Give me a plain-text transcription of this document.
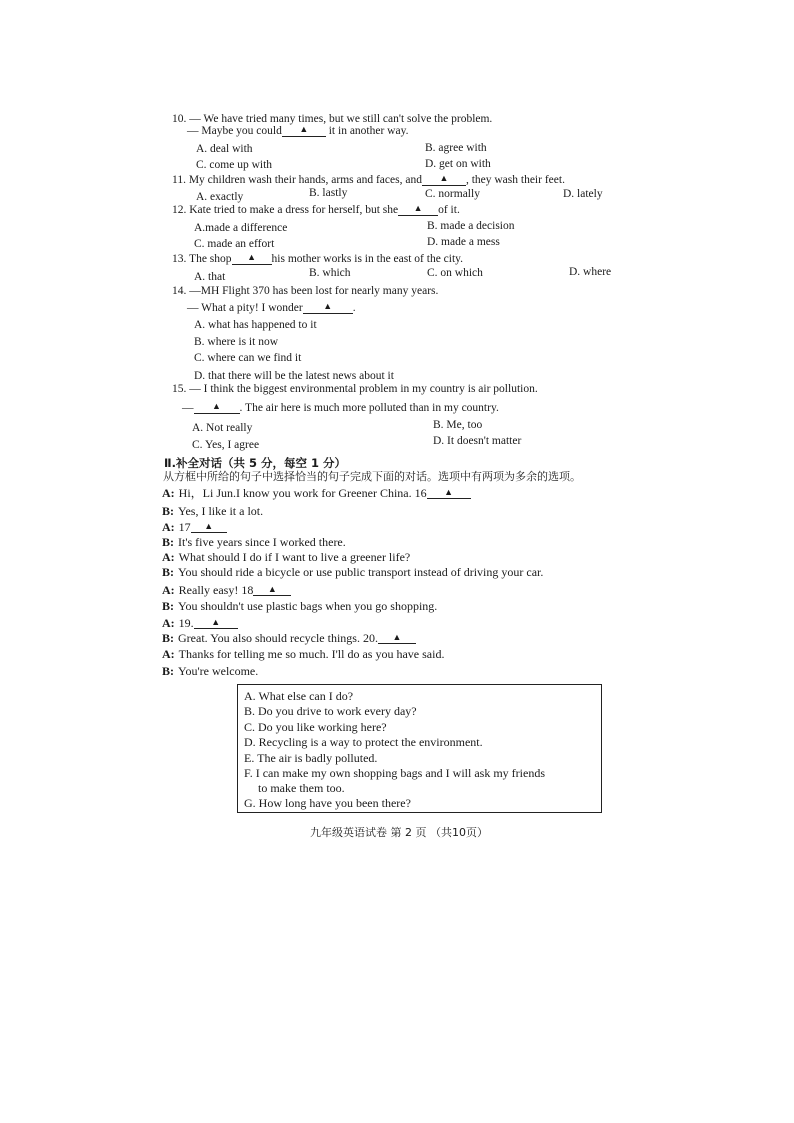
10. — We have tried many times, but we still can't solve the problem.
— Maybe you could ▲ it in another way.
A. deal with	B. agree with
C. come up with	D. get on with
11. My children wash their hands, arms and faces, and ▲ , they wash their feet.
A. exactly	B. lastly	C. normally	D. lately
12. Kate tried to make a dress for herself, but she ▲ of it.
A.made a difference	B. made a decision
C. made an effort	D. made a mess
13. The shop ▲ his mother works is in the east of the city.
A. that	B. which	C. on which	D. where
14. —MH Flight 370 has been lost for nearly many years.
— What a pity! I wonder ▲ .
A. what has happened to it
B. where is it now
C. where can we find it
D. that there will be the latest news about it
15. — I think the biggest environmental problem in my country is air pollution.
— ▲ . The air here is much more polluted than in my country.
A. Not really	B. Me, too
C. Yes, I agree	D. It doesn't matter
Ⅱ.补全对话（共 5 分，每空 1 分）
从方框中所给的句子中选择恰当的句子完成下面的对话。选项中有两项为多余的选项。
A: Hi，Li Jun.I know you work for Greener China. 16 ▲
B: Yes, I like it a lot.
A: 17 ▲
B: It's five years since I worked there.
A: What should I do if I want to live a greener life?
B: You should ride a bicycle or use public transport instead of driving your car.
A: Really easy! 18 ▲
B: You shouldn't use plastic bags when you go shopping.
A: 19. ▲
B: Great. You also should recycle things. 20. ▲
A: Thanks for telling me so much. I'll do as you have said.
B: You're welcome.
A. What else can I do?
B. Do you drive to work every day?
C. Do you like working here?
D. Recycling is a way to protect the environment.
E. The air is badly polluted.
F. I can make my own shopping bags and I will ask my friends
to make them too.
G. How long have you been there?
九年级英语试卷 第 2 页 （共10页）
